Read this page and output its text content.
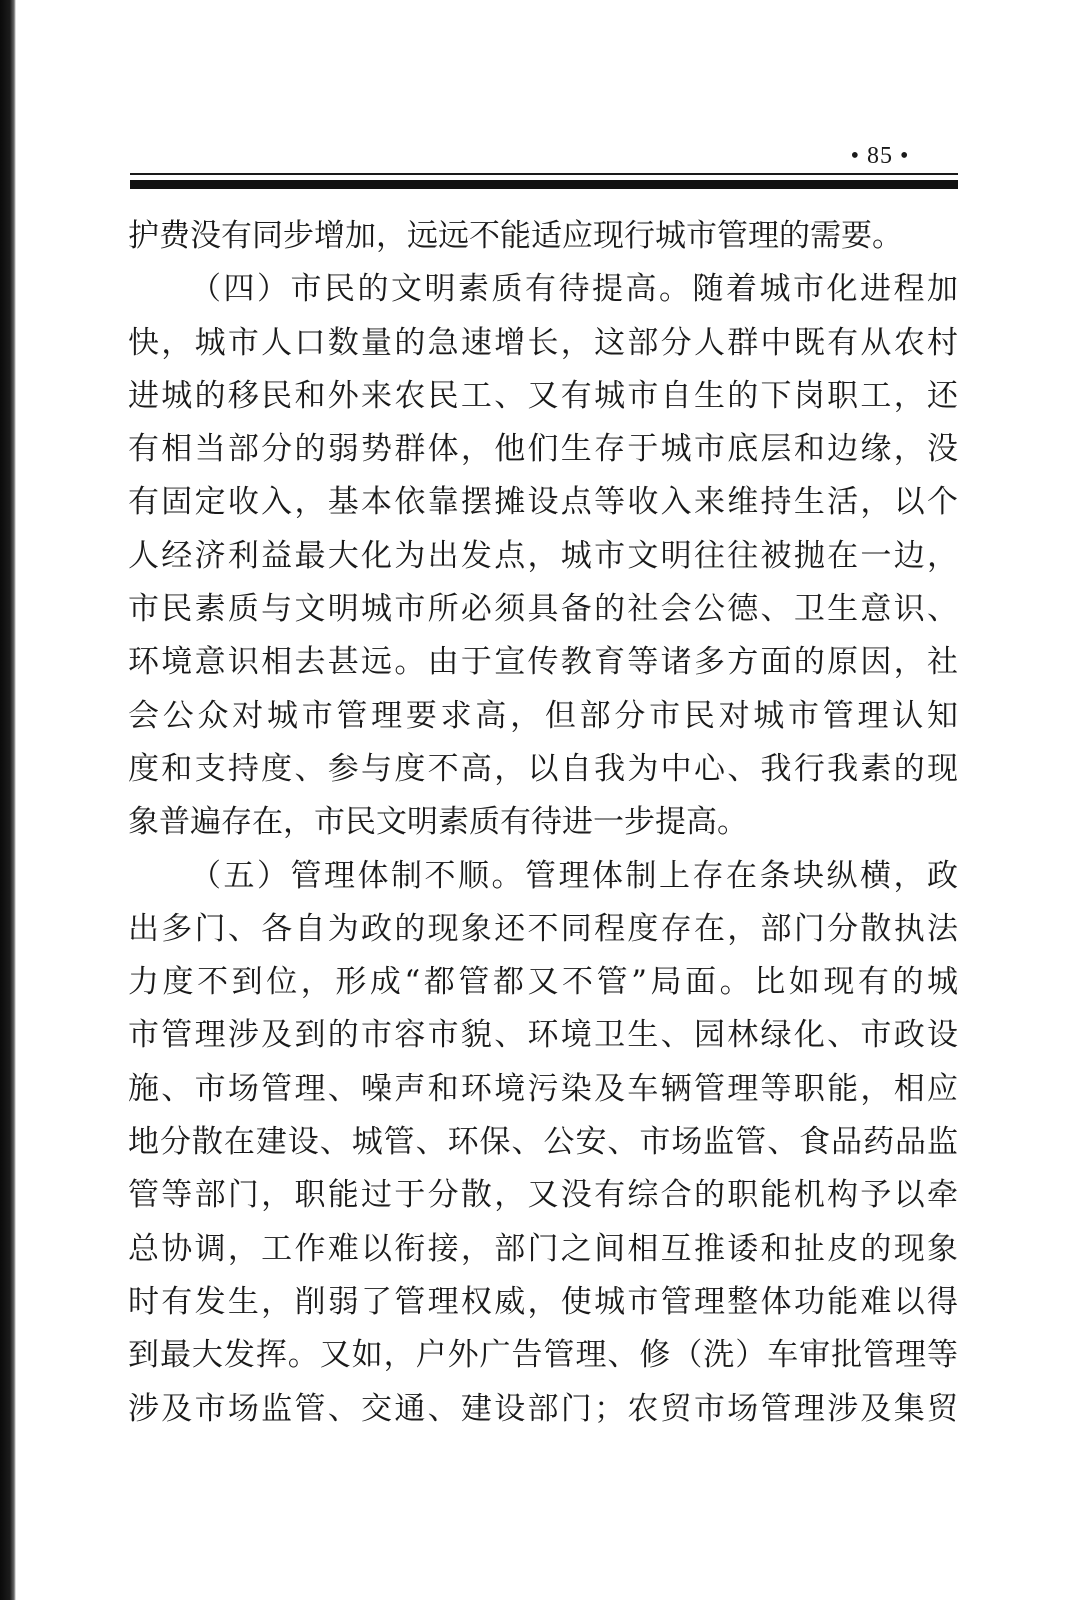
• 85 •
护费没有同步增加，远远不能适应现行城市管理的需要。
（四）市民的文明素质有待提高。随着城市化进程加
快，城市人口数量的急速增长，这部分人群中既有从农村
进城的移民和外来农民工、又有城市自生的下岗职工，还
有相当部分的弱势群体，他们生存于城市底层和边缘，没
有固定收入，基本依靠摆摊设点等收入来维持生活，以个
人经济利益最大化为出发点，城市文明往往被抛在一边，
市民素质与文明城市所必须具备的社会公德、卫生意识、
环境意识相去甚远。由于宣传教育等诸多方面的原因，社
会公众对城市管理要求高，但部分市民对城市管理认知
度和支持度、参与度不高，以自我为中心、我行我素的现
象普遍存在，市民文明素质有待进一步提高。
（五）管理体制不顺。管理体制上存在条块纵横，政
出多门、各自为政的现象还不同程度存在，部门分散执法
力度不到位，形成“都管都又不管”局面。比如现有的城
市管理涉及到的市容市貌、环境卫生、园林绿化、市政设
施、市场管理、噪声和环境污染及车辆管理等职能，相应
地分散在建设、城管、环保、公安、市场监管、食品药品监
管等部门，职能过于分散，又没有综合的职能机构予以牵
总协调，工作难以衔接，部门之间相互推诿和扯皮的现象
时有发生，削弱了管理权威，使城市管理整体功能难以得
到最大发挥。又如，户外广告管理、修（洗）车审批管理等
涉及市场监管、交通、建设部门；农贸市场管理涉及集贸
